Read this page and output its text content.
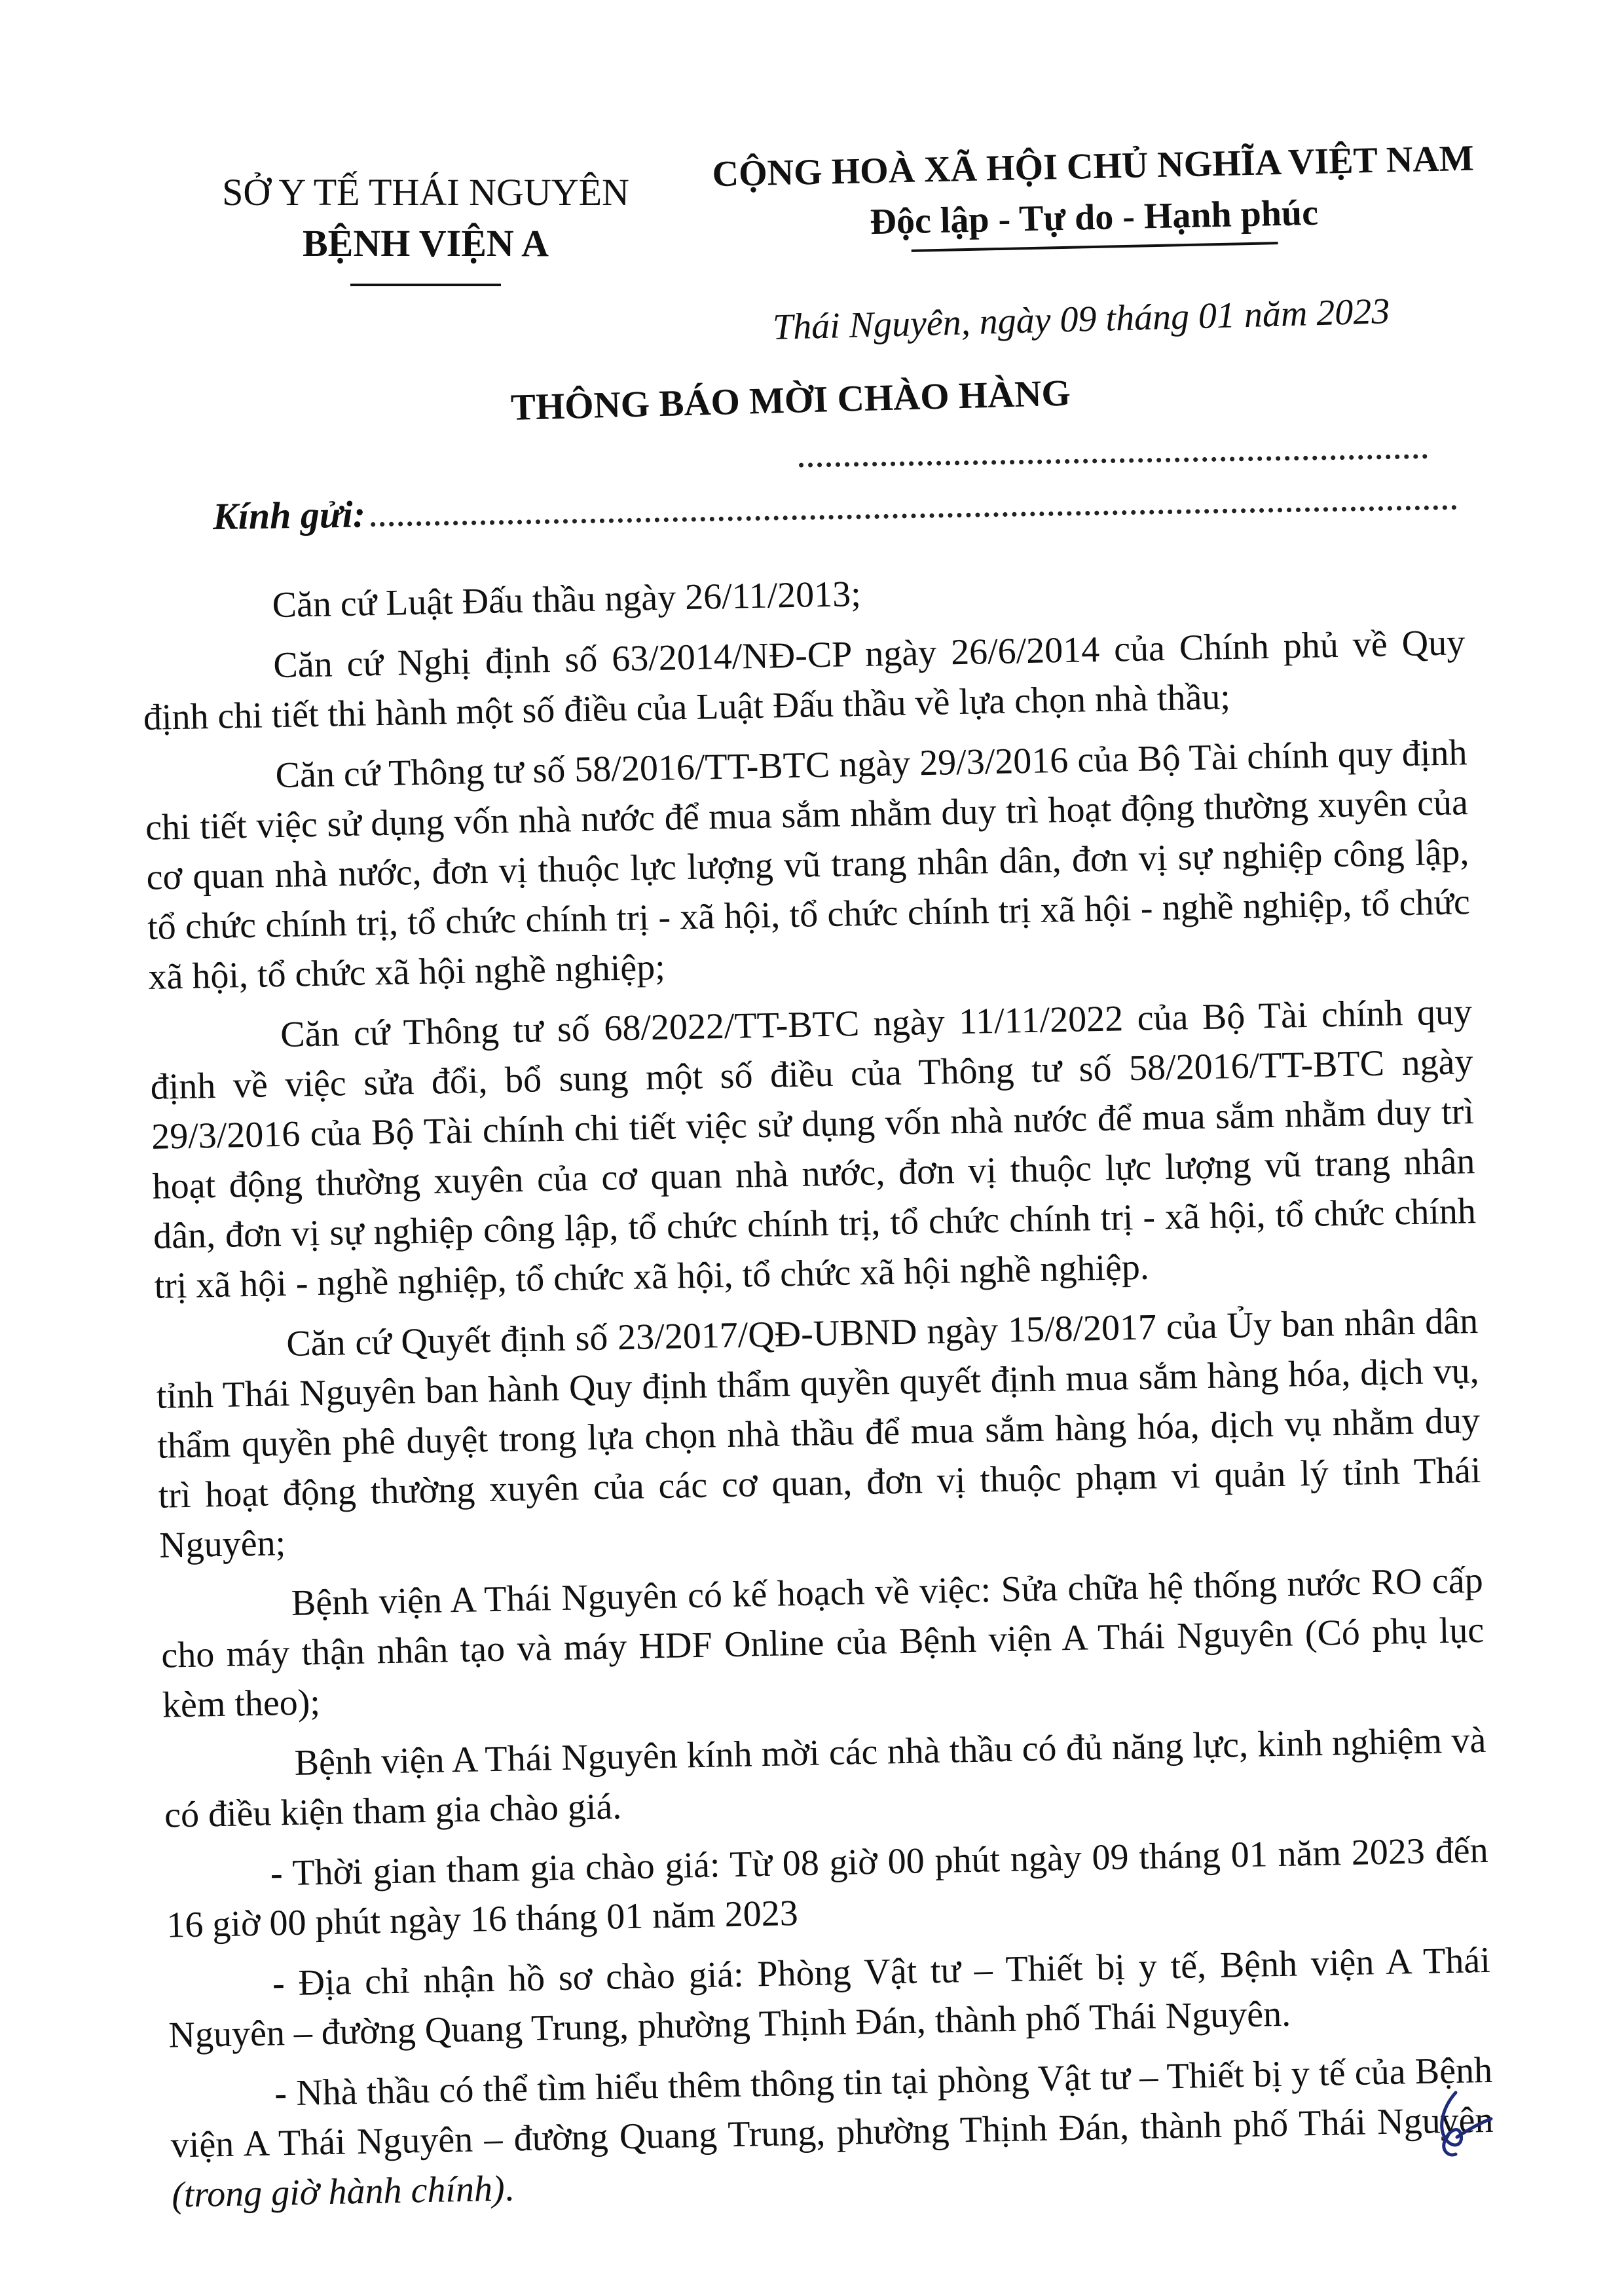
SỞ Y TẾ THÁI NGUYÊN
BỆNH VIỆN A
CỘNG HOÀ XÃ HỘI CHỦ NGHĨA VIỆT NAM
Độc lập - Tự do - Hạnh phúc
Thái Nguyên, ngày 09 tháng 01 năm 2023
THÔNG BÁO MỜI CHÀO HÀNG
Kính gửi:

Căn cứ Luật Đấu thầu ngày 26/11/2013;

Căn cứ Nghị định số 63/2014/NĐ-CP ngày 26/6/2014 của Chính phủ về Quy định chi tiết thi hành một số điều của Luật Đấu thầu về lựa chọn nhà thầu;

Căn cứ Thông tư số 58/2016/TT-BTC ngày 29/3/2016 của Bộ Tài chính quy định chi tiết việc sử dụng vốn nhà nước để mua sắm nhằm duy trì hoạt động thường xuyên của cơ quan nhà nước, đơn vị thuộc lực lượng vũ trang nhân dân, đơn vị sự nghiệp công lập, tổ chức chính trị, tổ chức chính trị - xã hội, tổ chức chính trị xã hội - nghề nghiệp, tổ chức xã hội, tổ chức xã hội nghề nghiệp;

Căn cứ Thông tư số 68/2022/TT-BTC ngày 11/11/2022 của Bộ Tài chính quy định về việc sửa đổi, bổ sung một số điều của Thông tư số 58/2016/TT-BTC ngày 29/3/2016 của Bộ Tài chính chi tiết việc sử dụng vốn nhà nước để mua sắm nhằm duy trì hoạt động thường xuyên của cơ quan nhà nước, đơn vị thuộc lực lượng vũ trang nhân dân, đơn vị sự nghiệp công lập, tổ chức chính trị, tổ chức chính trị - xã hội, tổ chức chính trị xã hội - nghề nghiệp, tổ chức xã hội, tổ chức xã hội nghề nghiệp.

Căn cứ Quyết định số 23/2017/QĐ-UBND ngày 15/8/2017 của Ủy ban nhân dân tỉnh Thái Nguyên ban hành Quy định thẩm quyền quyết định mua sắm hàng hóa, dịch vụ, thẩm quyền phê duyệt trong lựa chọn nhà thầu để mua sắm hàng hóa, dịch vụ nhằm duy trì hoạt động thường xuyên của các cơ quan, đơn vị thuộc phạm vi quản lý tỉnh Thái Nguyên;

Bệnh viện A Thái Nguyên có kế hoạch về việc: Sửa chữa hệ thống nước RO cấp cho máy thận nhân tạo và máy HDF Online của Bệnh viện A Thái Nguyên (Có phụ lục kèm theo);

Bệnh viện A Thái Nguyên kính mời các nhà thầu có đủ năng lực, kinh nghiệm và có điều kiện tham gia chào giá.

- Thời gian tham gia chào giá: Từ 08 giờ 00 phút ngày 09 tháng 01 năm 2023 đến 16 giờ 00 phút ngày 16 tháng 01 năm 2023

- Địa chỉ nhận hồ sơ chào giá: Phòng Vật tư – Thiết bị y tế, Bệnh viện A Thái Nguyên – đường Quang Trung, phường Thịnh Đán, thành phố Thái Nguyên.

- Nhà thầu có thể tìm hiểu thêm thông tin tại phòng Vật tư – Thiết bị y tế của Bệnh viện A Thái Nguyên – đường Quang Trung, phường Thịnh Đán, thành phố Thái Nguyên (trong giờ hành chính).
